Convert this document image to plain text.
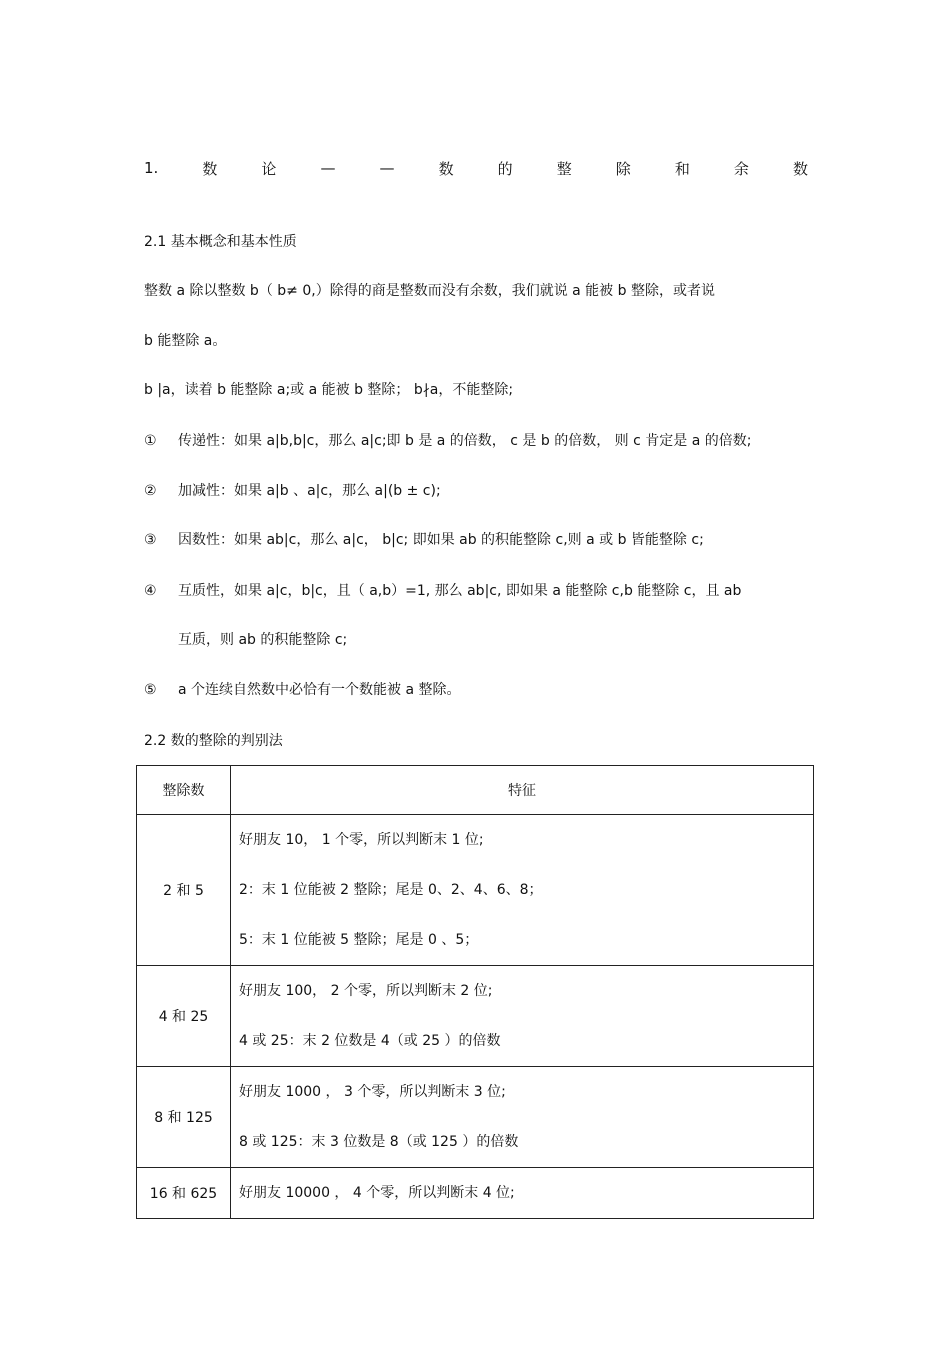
1.	数	论	—	—	数	的	整	除	和	余	数
2.1 基本概念和基本性质
整数 a 除以整数 b（ b≠ 0,）除得的商是整数而没有余数，我们就说 a 能被 b 整除，或者说
b 能整除 a。
b |a，读着 b 能整除 a;或 a 能被 b 整除； b∤a，不能整除;
① 传递性：如果 a|b,b|c，那么 a|c;即 b 是 a 的倍数， c 是 b 的倍数， 则 c 肯定是 a 的倍数;
② 加减性：如果 a|b 、a|c，那么 a|(b ± c);
③ 因数性：如果 ab|c，那么 a|c， b|c; 即如果 ab 的积能整除 c,则 a 或 b 皆能整除 c;
④ 互质性，如果 a|c，b|c，且（ a,b）=1, 那么 ab|c, 即如果 a 能整除 c,b 能整除 c，且 ab
互质，则 ab 的积能整除 c;
⑤ a 个连续自然数中必恰有一个数能被 a 整除。
2.2 数的整除的判别法
整除数	特征
2 和 5	好朋友 10， 1 个零，所以判断末 1 位;
2：末 1 位能被 2 整除；尾是 0、2、4、6、8；
5：末 1 位能被 5 整除；尾是 0 、5；

4 和 25	好朋友 100， 2 个零，所以判断末 2 位;
4 或 25：末 2 位数是 4（或 25 ）的倍数

8 和 125	好朋友 1000 ， 3 个零，所以判断末 3 位;
8 或 125：末 3 位数是 8（或 125 ）的倍数

16 和 625	好朋友 10000 ， 4 个零，所以判断末 4 位;
